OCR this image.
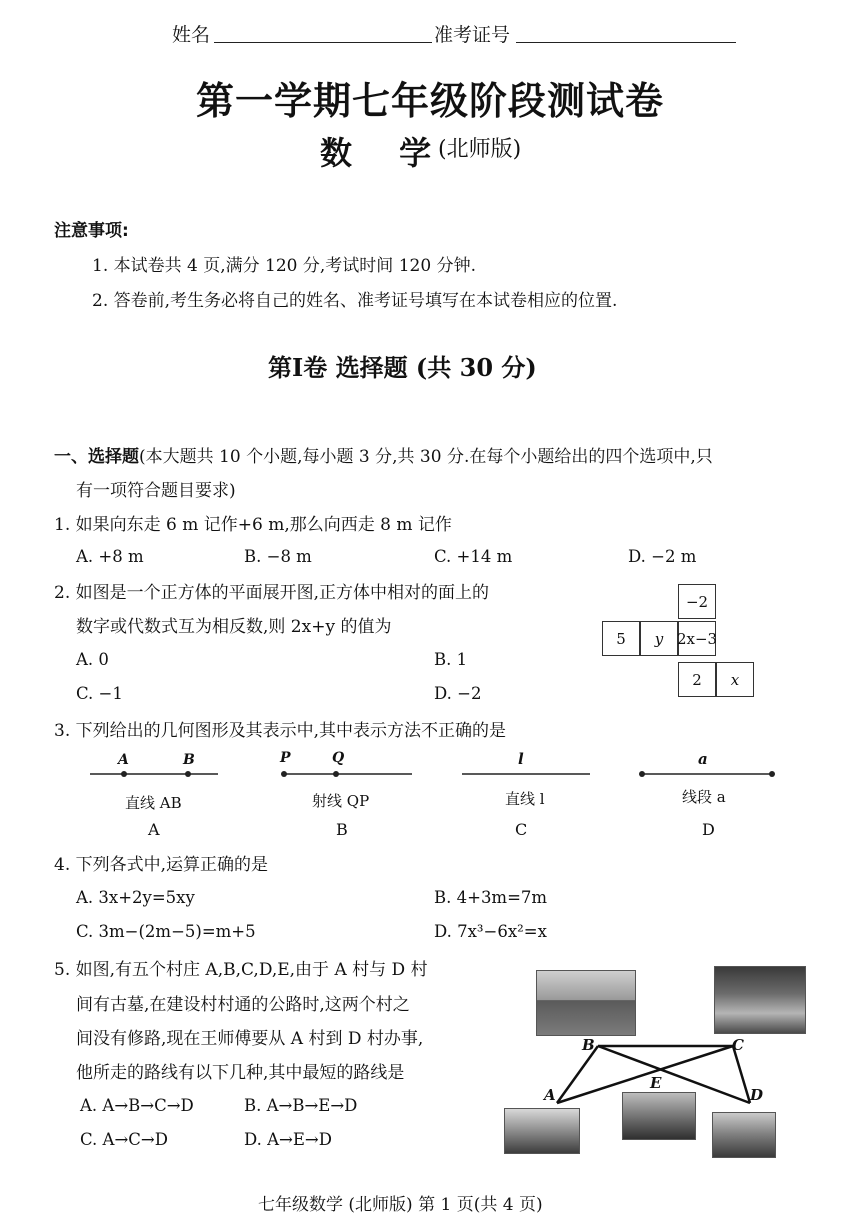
姓名	准考证号
第一学期七年级阶段测试卷
数 学
(北师版)
注意事项:
1. 本试卷共 4 页,满分 120 分,考试时间 120 分钟.
2. 答卷前,考生务必将自己的姓名、准考证号填写在本试卷相应的位置.
第Ⅰ卷 选择题 (共 30 分)
一、选择题(本大题共 10 个小题,每小题 3 分,共 30 分.在每个小题给出的四个选项中,只
有一项符合题目要求)
1. 如果向东走 6 m 记作+6 m,那么向西走 8 m 记作
A. +8 m	B. −8 m	C. +14 m	D. −2 m
2. 如图是一个正方体的平面展开图,正方体中相对的面上的
数字或代数式互为相反数,则 2x+y 的值为
A. 0	B. 1
C. −1	D. −2
−2
5	y 2x−3
2	x
3. 下列给出的几何图形及其表示中,其中表示方法不正确的是
A	B	P	Q	l	a
直线 AB	射线 QP	直线 l	线段 a
A	B	C	D
4. 下列各式中,运算正确的是
A. 3x+2y=5xy	B. 4+3m=7m
C. 3m−(2m−5)=m+5	D. 7x³−6x²=x
5. 如图,有五个村庄 A,B,C,D,E,由于 A 村与 D 村
间有古墓,在建设村村通的公路时,这两个村之
间没有修路,现在王师傅要从 A 村到 D 村办事,
他所走的路线有以下几种,其中最短的路线是
A. A→B→C→D	B. A→B→E→D
C. A→C→D	D. A→E→D
A
B	C
D
E
七年级数学 (北师版) 第 1 页(共 4 页)
